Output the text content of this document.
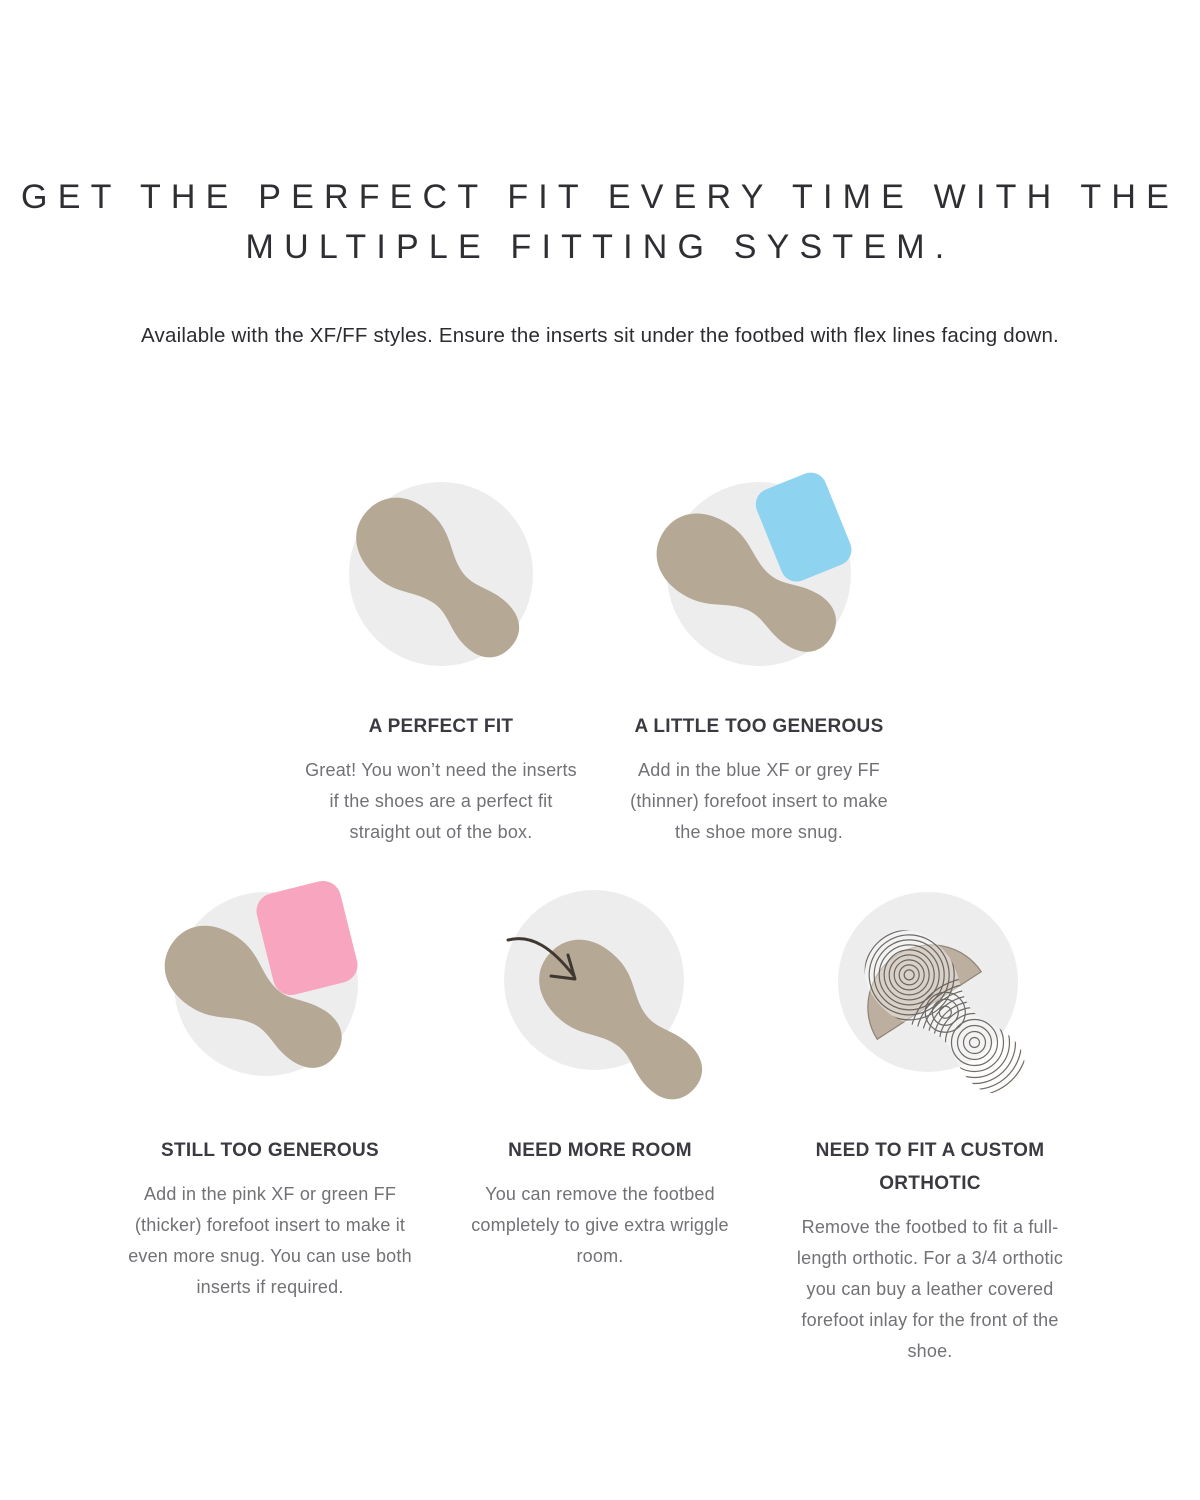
GET THE PERFECT FIT EVERY TIME WITH THE
MULTIPLE FITTING SYSTEM.

Available with the XF/FF styles. Ensure the inserts sit under the footbed with flex lines facing down.

A PERFECT FIT

Great! You won’t need the inserts if the shoes are a perfect fit straight out of the box.

A LITTLE TOO GENEROUS

Add in the blue XF or grey FF (thinner) forefoot insert to make the shoe more snug.

STILL TOO GENEROUS

Add in the pink XF or green FF (thicker) forefoot insert to make it even more snug. You can use both inserts if required.

NEED MORE ROOM

You can remove the footbed completely to give extra wriggle room.

NEED TO FIT A CUSTOM ORTHOTIC

Remove the footbed to fit a full-length orthotic. For a 3/4 orthotic you can buy a leather covered forefoot inlay for the front of the shoe.
